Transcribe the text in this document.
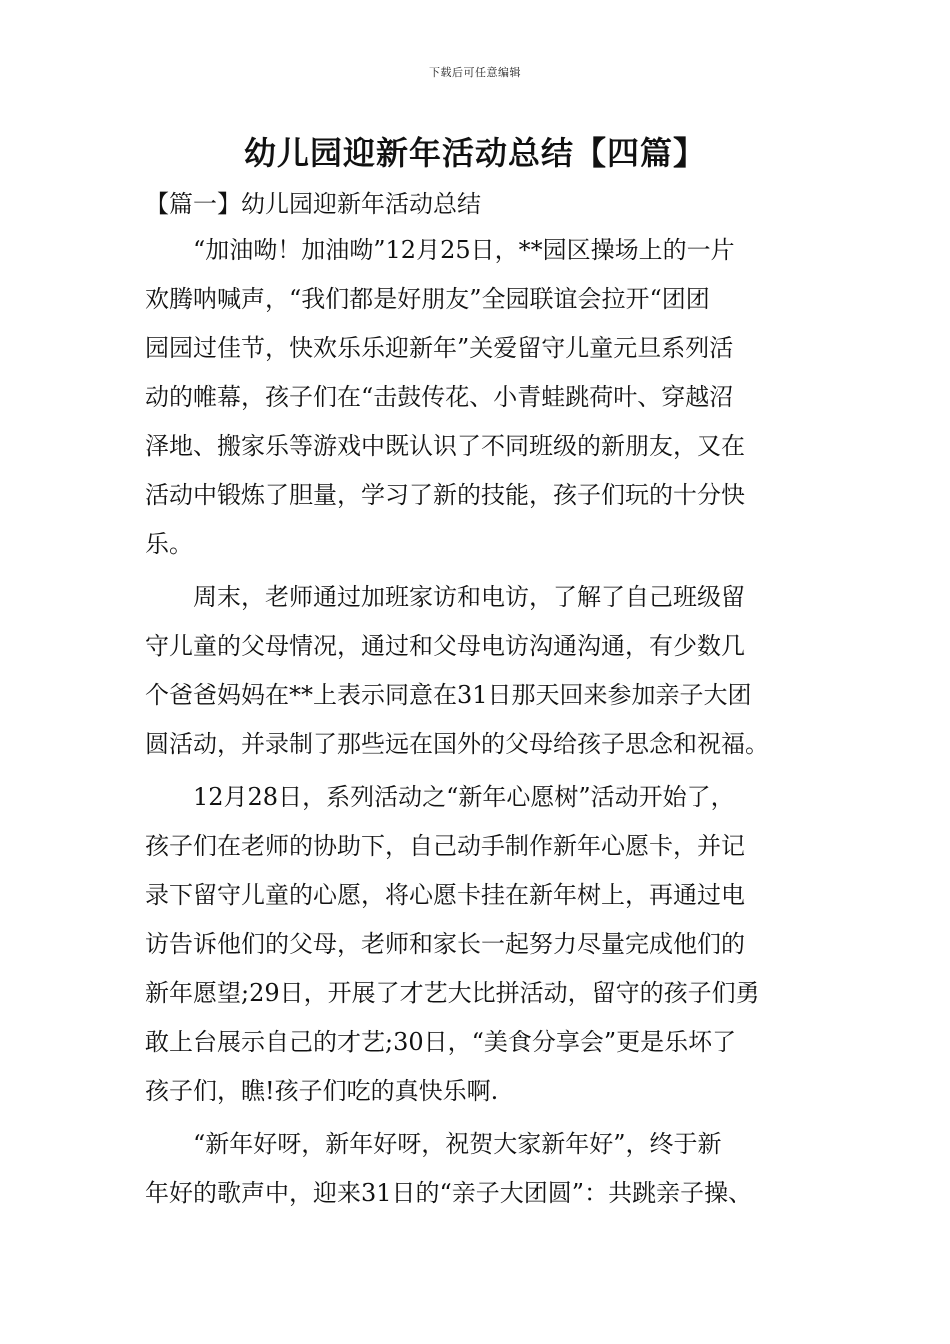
下载后可任意编辑
幼儿园迎新年活动总结【四篇】
【篇一】幼儿园迎新年活动总结
　　“加油呦！加油呦”12月25日，**园区操场上的一片
欢腾呐喊声，“我们都是好朋友”全园联谊会拉开“团团
园园过佳节，快欢乐乐迎新年”关爱留守儿童元旦系列活
动的帷幕，孩子们在“击鼓传花、小青蛙跳荷叶、穿越沼
泽地、搬家乐等游戏中既认识了不同班级的新朋友，又在
活动中锻炼了胆量，学习了新的技能，孩子们玩的十分快
乐。
　　周末，老师通过加班家访和电访，了解了自己班级留
守儿童的父母情况，通过和父母电访沟通沟通，有少数几
个爸爸妈妈在**上表示同意在31日那天回来参加亲子大团
圆活动，并录制了那些远在国外的父母给孩子思念和祝福。
　　12月28日，系列活动之“新年心愿树”活动开始了，
孩子们在老师的协助下，自己动手制作新年心愿卡，并记
录下留守儿童的心愿，将心愿卡挂在新年树上，再通过电
访告诉他们的父母，老师和家长一起努力尽量完成他们的
新年愿望;29日，开展了才艺大比拼活动，留守的孩子们勇
敢上台展示自己的才艺;30日，“美食分享会”更是乐坏了
孩子们，瞧!孩子们吃的真快乐啊.
　　“新年好呀，新年好呀，祝贺大家新年好”，终于新
年好的歌声中，迎来31日的“亲子大团圆”：共跳亲子操、
